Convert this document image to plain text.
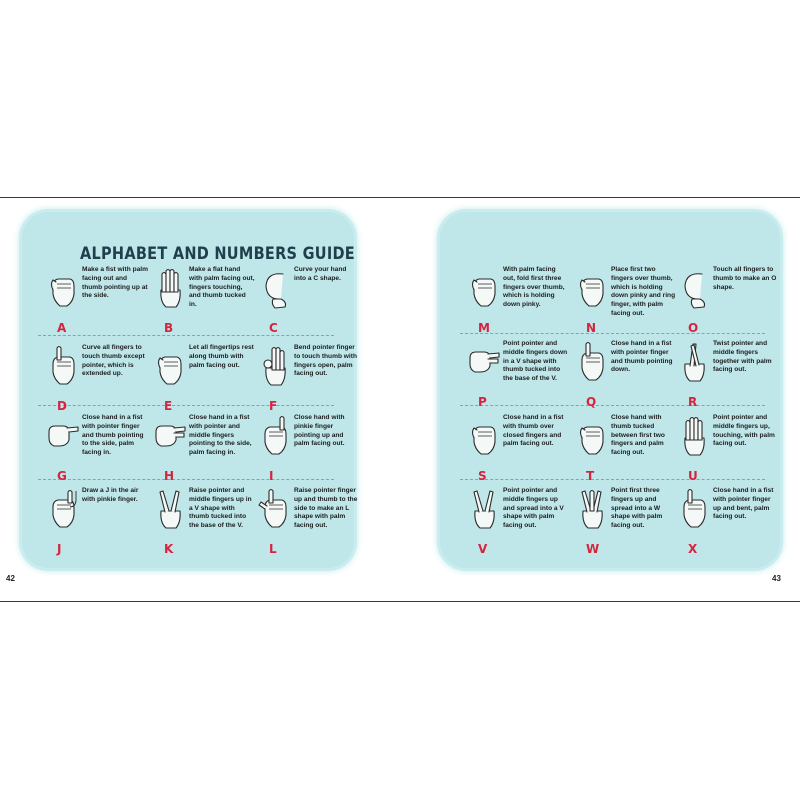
ALPHABET AND NUMBERS GUIDE
42	43
Make a fist with palm facing out and thumb pointing up at the side.
A
Make a flat hand with palm facing out, fingers touching, and thumb tucked in.
B
Curve your hand into a C shape.
C
Curve all fingers to touch thumb except pointer, which is extended up.
D
Let all fingertips rest along thumb with palm facing out.
E
Bend pointer finger to touch thumb with fingers open, palm facing out.
F
Close hand in a fist with pointer finger and thumb pointing to the side, palm facing in.
G
Close hand in a fist with pointer and middle fingers pointing to the side, palm facing in.
H
Close hand with pinkie finger pointing up and palm facing out.
I
Draw a J in the air with pinkie finger.
J
Raise pointer and middle fingers up in a V shape with thumb tucked into the base of the V.
K
Raise pointer finger up and thumb to the side to make an L shape with palm facing out.
L
With palm facing out, fold first three fingers over thumb, which is holding down pinky.
M
Place first two fingers over thumb, which is holding down pinky and ring finger, with palm facing out.
N
Touch all fingers to thumb to make an O shape.
O
Point pointer and middle fingers down in a V shape with thumb tucked into the base of the V.
P
Close hand in a fist with pointer finger and thumb pointing down.
Q
Twist pointer and middle fingers together with palm facing out.
R
Close hand in a fist with thumb over closed fingers and palm facing out.
S
Close hand with thumb tucked between first two fingers and palm facing out.
T
Point pointer and middle fingers up, touching, with palm facing out.
U
Point pointer and middle fingers up and spread into a V shape with palm facing out.
V
Point first three fingers up and spread into a W shape with palm facing out.
W
Close hand in a fist with pointer finger up and bent, palm facing out.
X
